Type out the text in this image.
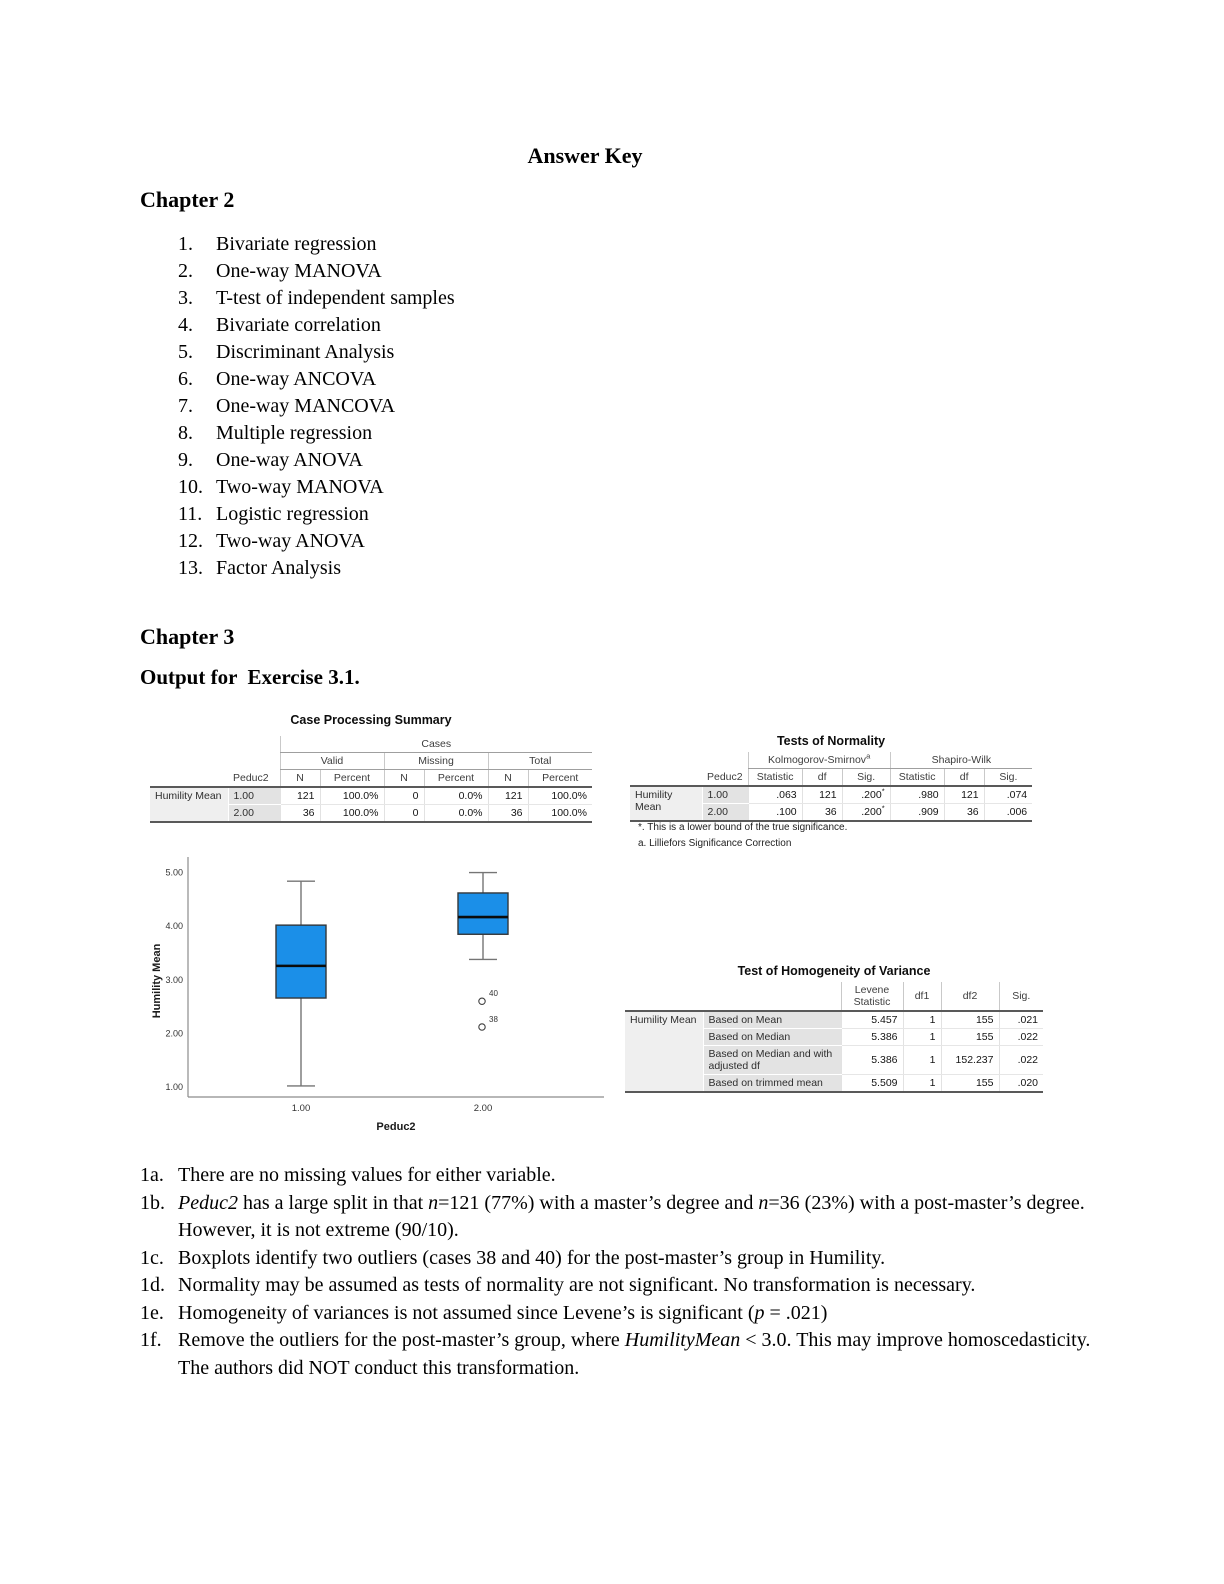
Answer Key
Chapter 2
1.	Bivariate regression
2.	One-way MANOVA
3.	T-test of independent samples
4.	Bivariate correlation
5.	Discriminant Analysis
6.	One-way ANCOVA
7.	One-way MANCOVA
8.	Multiple regression
9.	One-way ANOVA
10. Two-way MANOVA
11. Logistic regression
12. Two-way ANOVA
13. Factor Analysis
Chapter 3
Output for  Exercise 3.1.
Case Processing Summary
		Cases					
		Valid		Missing		Total	
	Peduc2	N	Percent	N	Percent	N	Percent
Humility Mean	1.00	121	100.0%	0	0.0%	121	100.0%
	2.00	36	100.0%	0	0.0%	36	100.0%
Tests of Normality
		Kolmogorov-Smirnov$^a$			Shapiro-Wilk		
	Peduc2	Statistic	df	Sig.	Statistic	df	Sig.
Humility Mean	1.00	.063	121	.200*	.980	121	.074
	2.00	.100	36	.200*	.909	36	.006
*. This is a lower bound of the true significance.
a. Lilliefors Significance Correction
1.00
2.00
3.00
4.00
5.00
1.00
40
38
2.00
Peduc2
Humility Mean	Test of Homogeneity of Variance
		Levene Statistic	df1	df2	Sig.
Humility Mean	Based on Mean	5.457	1	155	.021
	Based on Median	5.386	1	155	.022
	Based on Median and with adjusted df	5.386	1	152.237	.022
	Based on trimmed mean	5.509	1	155	.020
1a. There are no missing values for either variable.
1b. Peduc2 has a large split in that n=121 (77%) with a master’s degree and n=36 (23%) with a post-master’s degree. However, it is not extreme (90/10).
1c. Boxplots identify two outliers (cases 38 and 40) for the post-master’s group in Humility.
1d. Normality may be assumed as tests of normality are not significant. No transformation is necessary.
1e. Homogeneity of variances is not assumed since Levene’s is significant (p = .021)
1f. Remove the outliers for the post-master’s group, where HumilityMean < 3.0. This may improve homoscedasticity. The authors did NOT conduct this transformation.
